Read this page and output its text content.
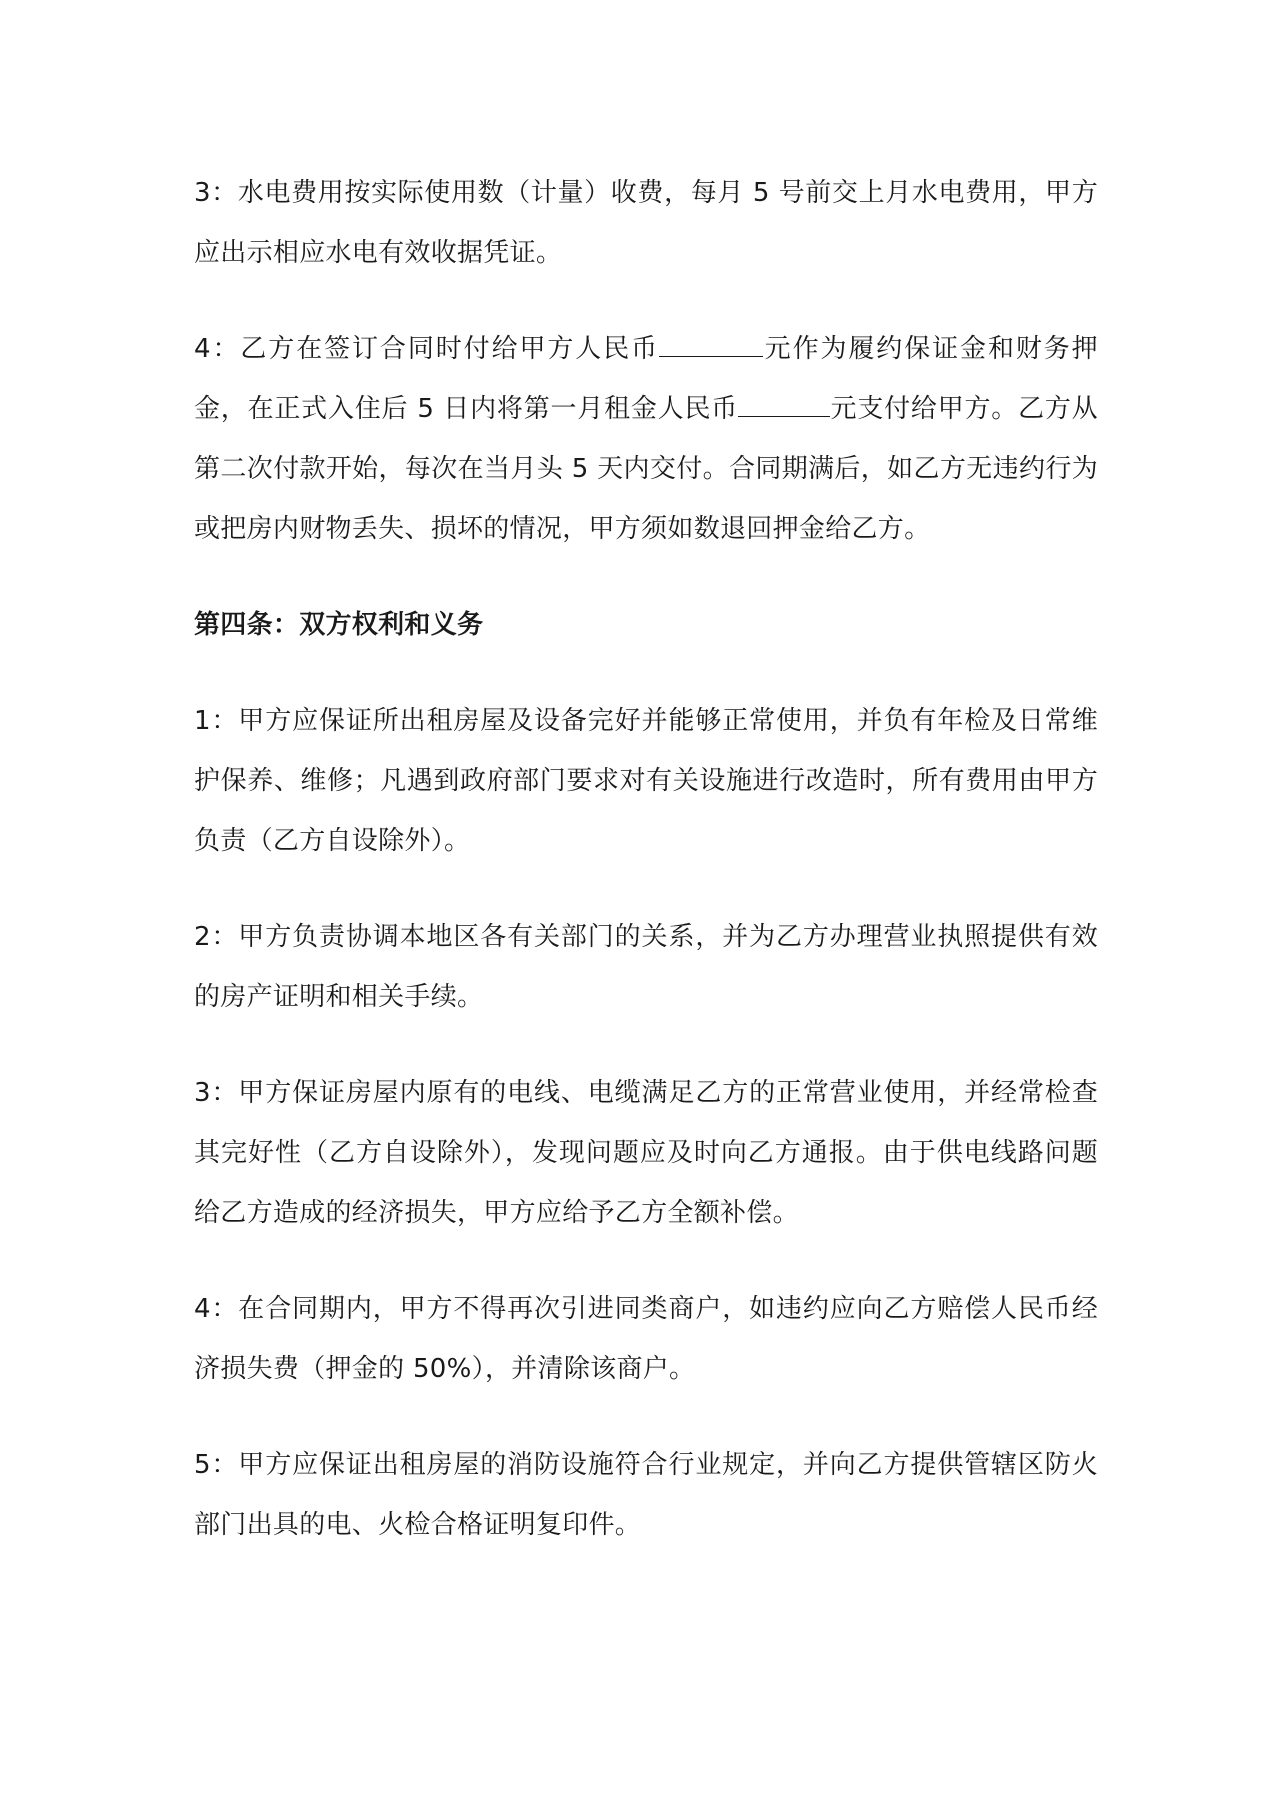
3：水电费用按实际使用数（计量）收费，每月 5 号前交上月水电费用，甲方应出示相应水电有效收据凭证。

4：乙方在签订合同时付给甲方人民币	元作为履约保证金和财务押金，在正式入住后 5 日内将第一月租金人民币	元支付给甲方。乙方从第二次付款开始，每次在当月头 5 天内交付。合同期满后，如乙方无违约行为或把房内财物丢失、损坏的情况，甲方须如数退回押金给乙方。

第四条：双方权利和义务

1：甲方应保证所出租房屋及设备完好并能够正常使用，并负有年检及日常维护保养、维修；凡遇到政府部门要求对有关设施进行改造时，所有费用由甲方负责（乙方自设除外）。

2：甲方负责协调本地区各有关部门的关系，并为乙方办理营业执照提供有效的房产证明和相关手续。

3：甲方保证房屋内原有的电线、电缆满足乙方的正常营业使用，并经常检查其完好性（乙方自设除外），发现问题应及时向乙方通报。由于供电线路问题给乙方造成的经济损失，甲方应给予乙方全额补偿。

4：在合同期内，甲方不得再次引进同类商户，如违约应向乙方赔偿人民币经济损失费（押金的 50%），并清除该商户。

5：甲方应保证出租房屋的消防设施符合行业规定，并向乙方提供管辖区防火部门出具的电、火检合格证明复印件。
